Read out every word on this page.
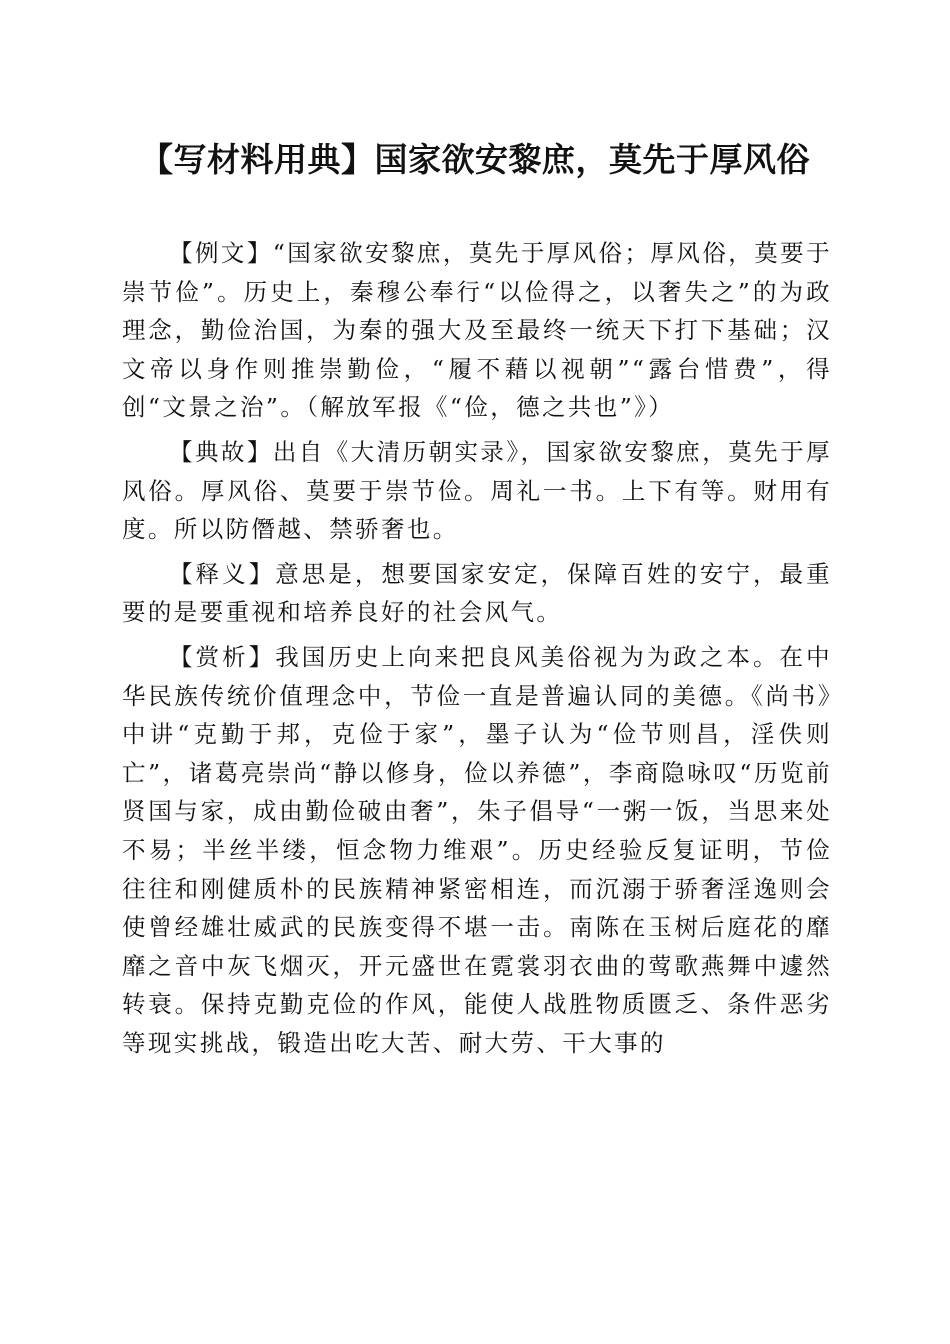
【写材料用典】国家欲安黎庶，莫先于厚风俗

【例文】“国家欲安黎庶，莫先于厚风俗；厚风俗，莫要于崇节俭”。历史上，秦穆公奉行“以俭得之，以奢失之”的为政理念，勤俭治国，为秦的强大及至最终一统天下打下基础；汉文帝以身作则推崇勤俭，“履不藉以视朝”“露台惜费”，得创“文景之治”。（解放军报《“俭，德之共也”》）

【典故】出自《大清历朝实录》，国家欲安黎庶，莫先于厚风俗。厚风俗、莫要于崇节俭。周礼一书。上下有等。财用有度。所以防僭越、禁骄奢也。

【释义】意思是，想要国家安定，保障百姓的安宁，最重要的是要重视和培养良好的社会风气。

【赏析】我国历史上向来把良风美俗视为为政之本。在中华民族传统价值理念中，节俭一直是普遍认同的美德。《尚书》中讲“克勤于邦，克俭于家”，墨子认为“俭节则昌，淫佚则亡”，诸葛亮崇尚“静以修身，俭以养德”，李商隐咏叹“历览前贤国与家，成由勤俭破由奢”，朱子倡导“一粥一饭，当思来处不易；半丝半缕，恒念物力维艰”。历史经验反复证明，节俭往往和刚健质朴的民族精神紧密相连，而沉溺于骄奢淫逸则会使曾经雄壮威武的民族变得不堪一击。南陈在玉树后庭花的靡靡之音中灰飞烟灭，开元盛世在霓裳羽衣曲的莺歌燕舞中遽然转衰。保持克勤克俭的作风，能使人战胜物质匮乏、条件恶劣等现实挑战，锻造出吃大苦、耐大劳、干大事的
